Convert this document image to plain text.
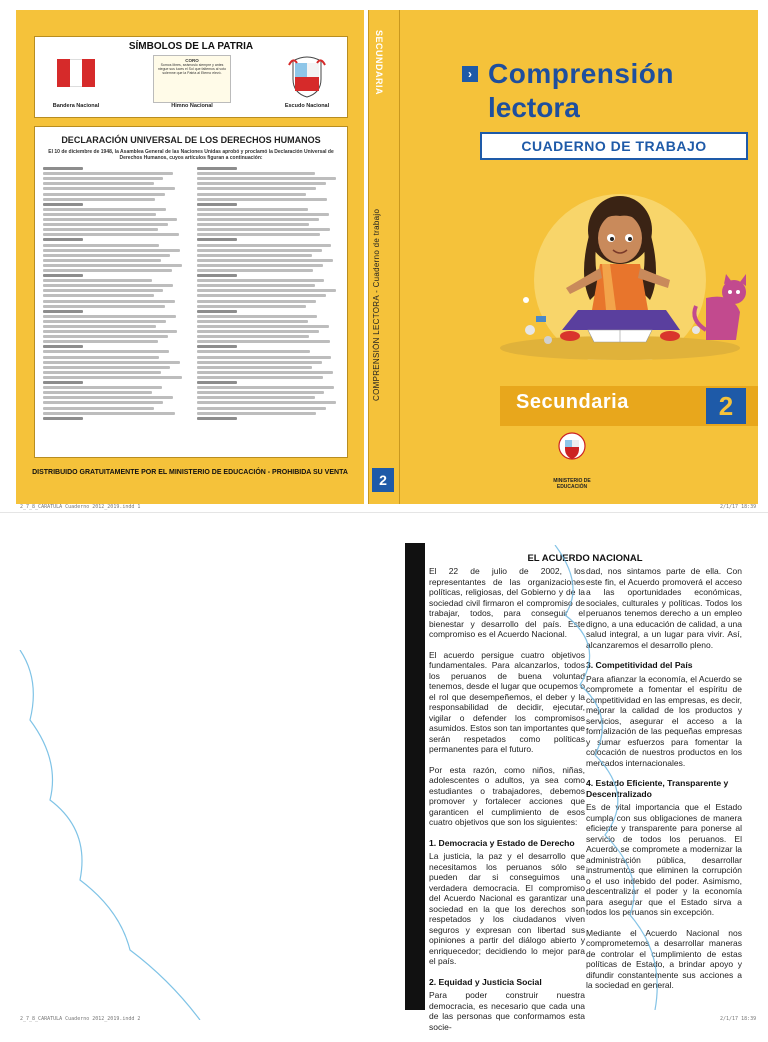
SÍMBOLOS DE LA PATRIA
CORO
Somos libres, seámoslo siempre y antes niegue sus luces el Sol que faltemos al voto solemne que la Patria al Eterno elevó.
Bandera Nacional	Himno Nacional	Escudo Nacional
DECLARACIÓN UNIVERSAL DE LOS DERECHOS HUMANOS
El 10 de diciembre de 1948, la Asamblea General de las Naciones Unidas aprobó y proclamó la Declaración Universal de Derechos Humanos, cuyos artículos figuran a continuación:
DISTRIBUIDO GRATUITAMENTE POR EL MINISTERIO DE EDUCACIÓN - PROHIBIDA SU VENTA
SECUNDARIA
COMPRENSIÓN LECTORA - Cuaderno de trabajo
2
› Comprensión
lectora
CUADERNO DE TRABAJO
Secundaria	2
MINISTERIO DE EDUCACIÓN
2_7_8_CARATULA Cuaderno 2012_2019.indd 1	2/1/17 18:39
EL ACUERDO NACIONAL

El 22 de julio de 2002, los representantes de las organizaciones políticas, religiosas, del Gobierno y de la sociedad civil firmaron el compromiso de trabajar, todos, para conseguir el bienestar y desarrollo del país. Este compromiso es el Acuerdo Nacional.

El acuerdo persigue cuatro objetivos fundamentales. Para alcanzarlos, todos los peruanos de buena voluntad tenemos, desde el lugar que ocupemos o el rol que desempeñemos, el deber y la responsabilidad de decidir, ejecutar, vigilar o defender los compromisos asumidos. Estos son tan importantes que serán respetados como políticas permanentes para el futuro.

Por esta razón, como niños, niñas, adolescentes o adultos, ya sea como estudiantes o trabajadores, debemos promover y fortalecer acciones que garanticen el cumplimiento de esos cuatro objetivos que son los siguientes:

1. Democracia y Estado de Derecho

La justicia, la paz y el desarrollo que necesitamos los peruanos sólo se pueden dar si conseguimos una verdadera democracia. El compromiso del Acuerdo Nacional es garantizar una sociedad en la que los derechos son respetados y los ciudadanos viven seguros y expresan con libertad sus opiniones a partir del diálogo abierto y enriquecedor; decidiendo lo mejor para el país.

2. Equidad y Justicia Social

Para poder construir nuestra democracia, es necesario que cada una de las personas que conformamos esta socie-

dad, nos sintamos parte de ella. Con este fin, el Acuerdo promoverá el acceso a las oportunidades económicas, sociales, culturales y políticas. Todos los peruanos tenemos derecho a un empleo digno, a una educación de calidad, a una salud integral, a un lugar para vivir. Así, alcanzaremos el desarrollo pleno.

3. Competitividad del País

Para afianzar la economía, el Acuerdo se compromete a fomentar el espíritu de competitividad en las empresas, es decir, mejorar la calidad de los productos y servicios, asegurar el acceso a la formalización de las pequeñas empresas y sumar esfuerzos para fomentar la colocación de nuestros productos en los mercados internacionales.

4. Estado Eficiente, Transparente y Descentralizado

Es de vital importancia que el Estado cumpla con sus obligaciones de manera eficiente y transparente para ponerse al servicio de todos los peruanos. El Acuerdo se compromete a modernizar la administración pública, desarrollar instrumentos que eliminen la corrupción o el uso indebido del poder. Asimismo, descentralizar el poder y la economía para asegurar que el Estado sirva a todos los peruanos sin excepción.

Mediante el Acuerdo Nacional nos comprometemos a desarrollar maneras de controlar el cumplimiento de estas políticas de Estado, a brindar apoyo y difundir constantemente sus acciones a la sociedad en general.

2_7_8_CARATULA Cuaderno 2012_2019.indd 2	2/1/17 18:39
